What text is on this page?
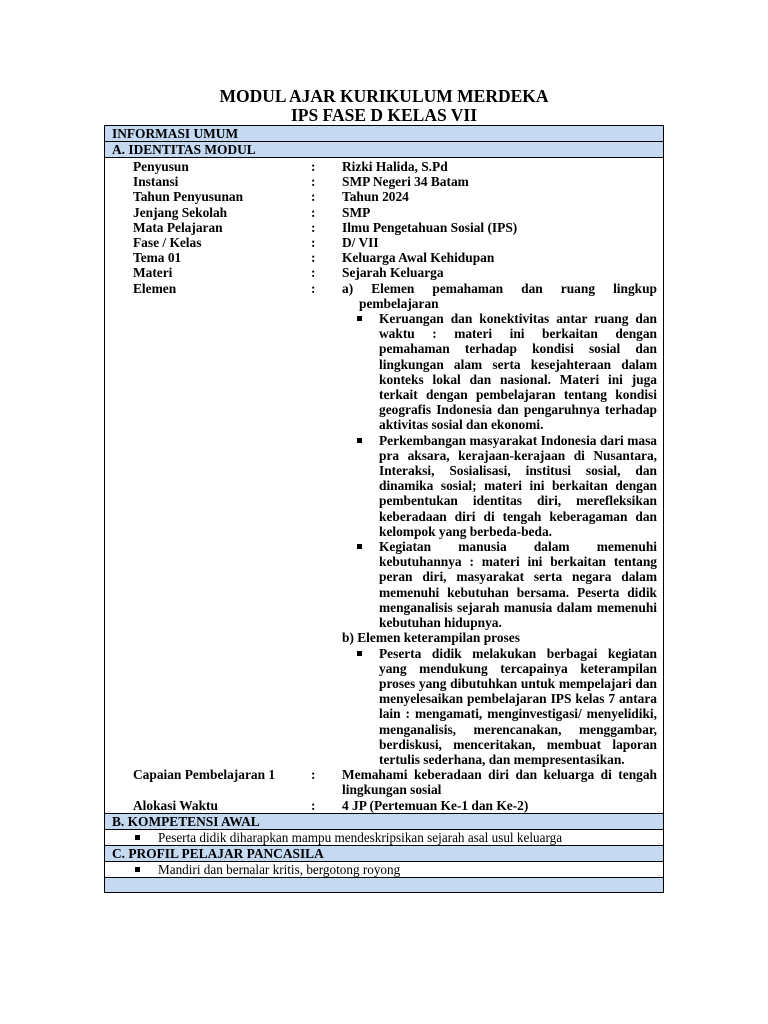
MODUL AJAR KURIKULUM MERDEKA
IPS FASE D KELAS VII
INFORMASI UMUM
A. IDENTITAS MODUL
Penyusun	: Rizki Halida, S.Pd
Instansi	: SMP Negeri 34 Batam
Tahun Penyusunan	: Tahun 2024
Jenjang Sekolah	: SMP
Mata Pelajaran	: Ilmu Pengetahuan Sosial (IPS)
Fase / Kelas	: D/ VII
Tema 01	: Keluarga Awal Kehidupan
Materi	: Sejarah Keluarga
Elemen	: a) Elemen pemahaman dan ruang lingkup pembelajaran
Keruangan dan konektivitas antar ruang dan waktu : materi ini berkaitan dengan pemahaman terhadap kondisi sosial dan lingkungan alam serta kesejahteraan dalam konteks lokal dan nasional. Materi ini juga terkait dengan pembelajaran tentang kondisi geografis Indonesia dan pengaruhnya terhadap aktivitas sosial dan ekonomi.
Perkembangan masyarakat Indonesia dari masa pra aksara, kerajaan-kerajaan di Nusantara, Interaksi, Sosialisasi, institusi sosial, dan dinamika sosial; materi ini berkaitan dengan pembentukan identitas diri, merefleksikan keberadaan diri di tengah keberagaman dan kelompok yang berbeda-beda.
Kegiatan manusia dalam memenuhi kebutuhannya : materi ini berkaitan tentang peran diri, masyarakat serta negara dalam memenuhi kebutuhan bersama. Peserta didik menganalisis sejarah manusia dalam memenuhi kebutuhan hidupnya.
b) Elemen keterampilan proses
Peserta didik melakukan berbagai kegiatan yang mendukung tercapainya keterampilan proses yang dibutuhkan untuk mempelajari dan menyelesaikan pembelajaran IPS kelas 7 antara lain : mengamati, menginvestigasi/ menyelidiki, menganalisis, merencanakan, menggambar, berdiskusi, menceritakan, membuat laporan tertulis sederhana, dan mempresentasikan.
Capaian Pembelajaran 1	: Memahami keberadaan diri dan keluarga di tengah lingkungan sosial
Alokasi Waktu	: 4 JP (Pertemuan Ke-1 dan Ke-2)
B. KOMPETENSI AWAL
Peserta didik diharapkan mampu mendeskripsikan sejarah asal usul keluarga
C. PROFIL PELAJAR PANCASILA
Mandiri dan bernalar kritis, bergotong royong
